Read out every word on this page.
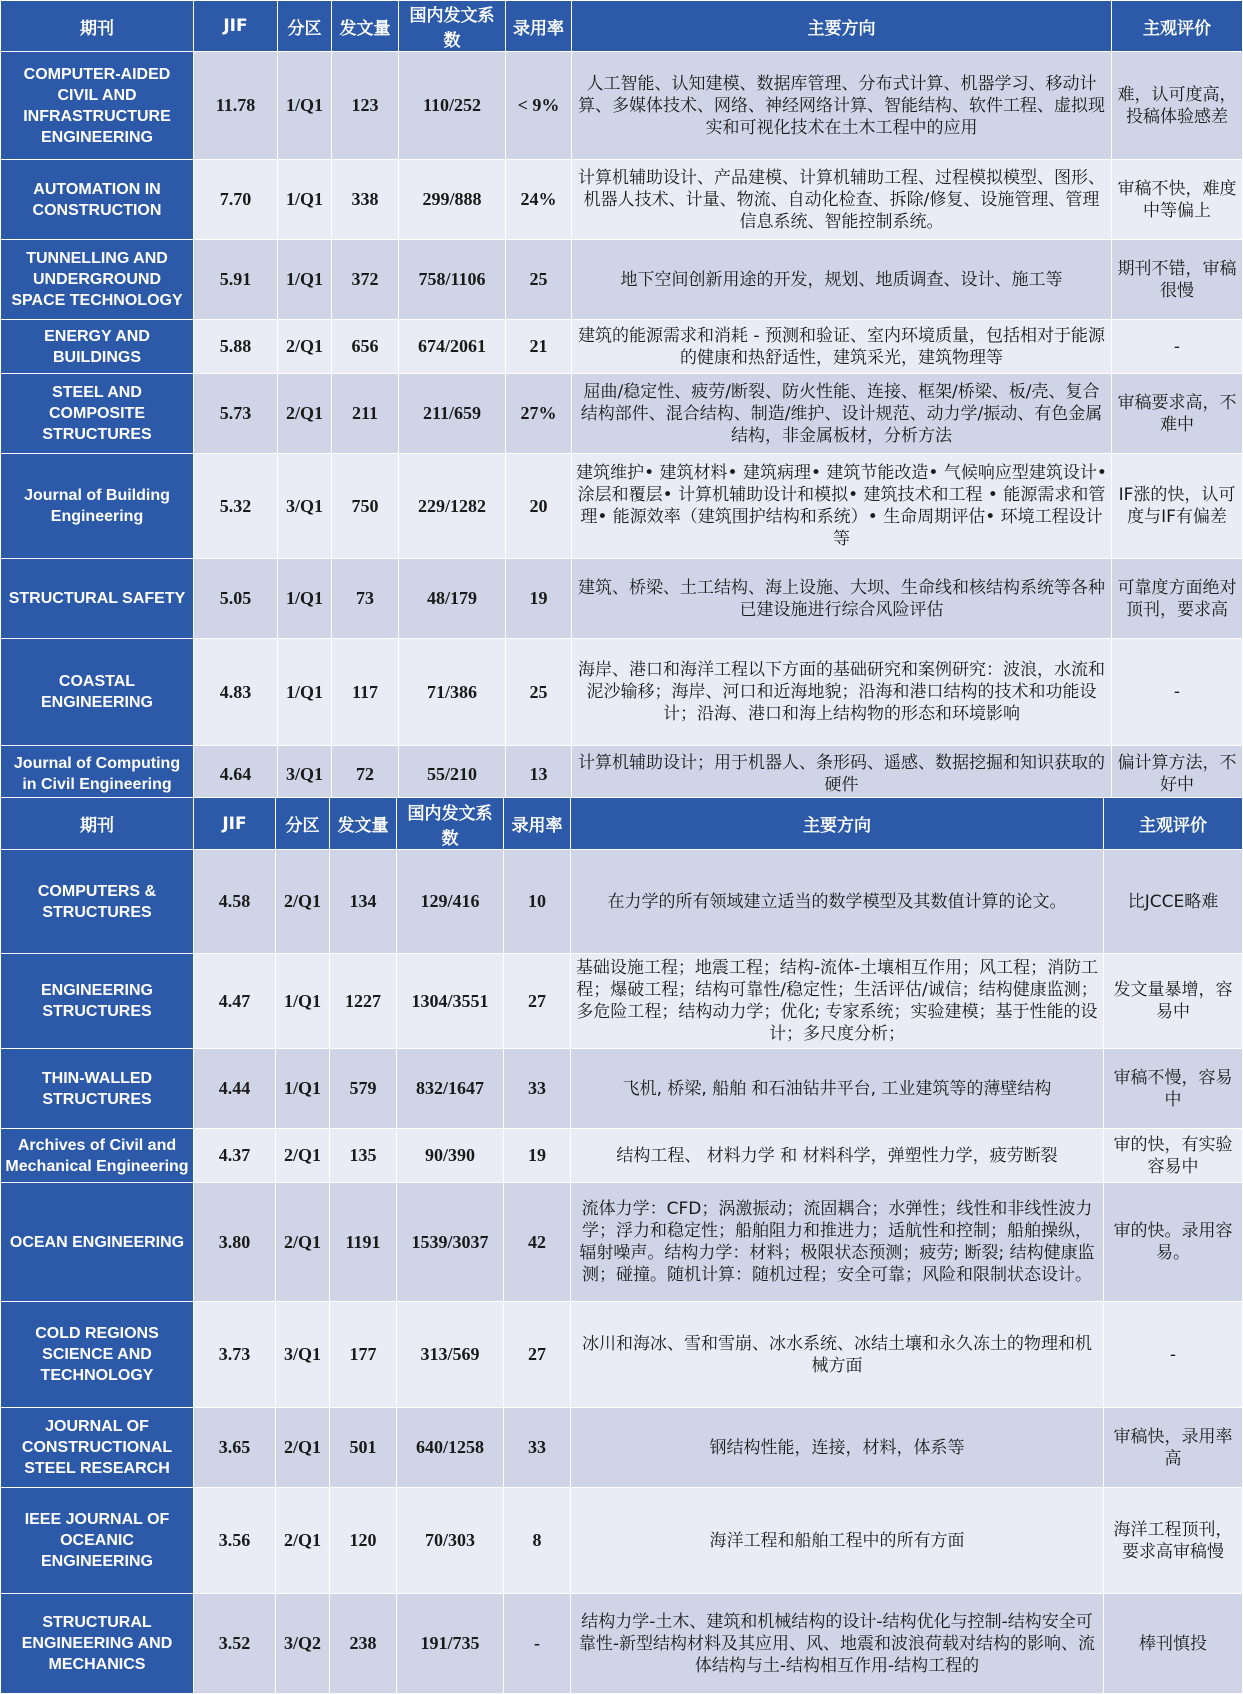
期刊	JIF	分区	发文量	国内发文系数	录用率	主要方向	主观评价
COMPUTER-AIDED CIVIL AND INFRASTRUCTURE ENGINEERING	11.78	1/Q1	123	110/252	< 9%	人工智能、认知建模、数据库管理、分布式计算、机器学习、移动计算、多媒体技术、网络、神经网络计算、智能结构、软件工程、虚拟现实和可视化技术在土木工程中的应用	难，认可度高，投稿体验感差
AUTOMATION IN CONSTRUCTION	7.70	1/Q1	338	299/888	24%	计算机辅助设计、产品建模、计算机辅助工程、过程模拟模型、图形、机器人技术、计量、物流、自动化检查、拆除/修复、设施管理、管理信息系统、智能控制系统。	审稿不快，难度中等偏上
TUNNELLING AND UNDERGROUND SPACE TECHNOLOGY	5.91	1/Q1	372	758/1106	25	地下空间创新用途的开发，规划、地质调查、设计、施工等	期刊不错，审稿很慢
ENERGY AND BUILDINGS	5.88	2/Q1	656	674/2061	21	建筑的能源需求和消耗 - 预测和验证、室内环境质量，包括相对于能源的健康和热舒适性，建筑采光，建筑物理等	-
STEEL AND COMPOSITE STRUCTURES	5.73	2/Q1	211	211/659	27%	屈曲/稳定性、疲劳/断裂、防火性能、连接、框架/桥梁、板/壳、复合结构部件、混合结构、制造/维护、设计规范、动力学/振动、有色金属结构，非金属板材，分析方法	审稿要求高，不难中
Journal of Building Engineering	5.32	3/Q1	750	229/1282	20	建筑维护• 建筑材料• 建筑病理• 建筑节能改造• 气候响应型建筑设计• 涂层和覆层• 计算机辅助设计和模拟• 建筑技术和工程 • 能源需求和管理• 能源效率（建筑围护结构和系统）• 生命周期评估• 环境工程设计等	IF涨的快，认可度与IF有偏差
STRUCTURAL SAFETY	5.05	1/Q1	73	48/179	19	建筑、桥梁、土工结构、海上设施、大坝、生命线和核结构系统等各种已建设施进行综合风险评估	可靠度方面绝对顶刊，要求高
COASTAL ENGINEERING	4.83	1/Q1	117	71/386	25	海岸、港口和海洋工程以下方面的基础研究和案例研究：波浪，水流和泥沙输移；海岸、河口和近海地貌；沿海和港口结构的技术和功能设计；沿海、港口和海上结构物的形态和环境影响	-
Journal of Computing in Civil Engineering	4.64	3/Q1	72	55/210	13	计算机辅助设计；用于机器人、条形码、遥感、数据挖掘和知识获取的硬件	偏计算方法，不好中
期刊	JIF	分区	发文量	国内发文系数	录用率	主要方向	主观评价
COMPUTERS & STRUCTURES	4.58	2/Q1	134	129/416	10	在力学的所有领域建立适当的数学模型及其数值计算的论文。	比JCCE略难
ENGINEERING STRUCTURES	4.47	1/Q1	1227	1304/3551	27	基础设施工程；地震工程；结构-流体-土壤相互作用；风工程；消防工程；爆破工程；结构可靠性/稳定性；生活评估/诚信；结构健康监测；多危险工程；结构动力学；优化; 专家系统；实验建模；基于性能的设计；多尺度分析；	发文量暴增，容易中
THIN-WALLED STRUCTURES	4.44	1/Q1	579	832/1647	33	飞机, 桥梁, 船舶 和石油钻井平台, 工业建筑等的薄壁结构	审稿不慢，容易中
Archives of Civil and Mechanical Engineering	4.37	2/Q1	135	90/390	19	结构工程、 材料力学 和 材料科学，弹塑性力学，疲劳断裂	审的快，有实验容易中
OCEAN ENGINEERING	3.80	2/Q1	1191	1539/3037	42	流体力学：CFD；涡激振动；流固耦合；水弹性；线性和非线性波力学；浮力和稳定性；船舶阻力和推进力；适航性和控制；船舶操纵，辐射噪声。结构力学：材料；极限状态预测；疲劳; 断裂; 结构健康监测；碰撞。随机计算：随机过程；安全可靠；风险和限制状态设计。	审的快。录用容易。
COLD REGIONS SCIENCE AND TECHNOLOGY	3.73	3/Q1	177	313/569	27	冰川和海冰、雪和雪崩、冰水系统、冰结土壤和永久冻土的物理和机械方面	-
JOURNAL OF CONSTRUCTIONAL STEEL RESEARCH	3.65	2/Q1	501	640/1258	33	钢结构性能，连接，材料，体系等	审稿快，录用率高
IEEE JOURNAL OF OCEANIC ENGINEERING	3.56	2/Q1	120	70/303	8	海洋工程和船舶工程中的所有方面	海洋工程顶刊，要求高审稿慢
STRUCTURAL ENGINEERING AND MECHANICS	3.52	3/Q2	238	191/735	-	结构力学-土木、建筑和机械结构的设计-结构优化与控制-结构安全可靠性-新型结构材料及其应用、风、地震和波浪荷载对结构的影响、流体结构与土-结构相互作用-结构工程的	棒刊慎投
